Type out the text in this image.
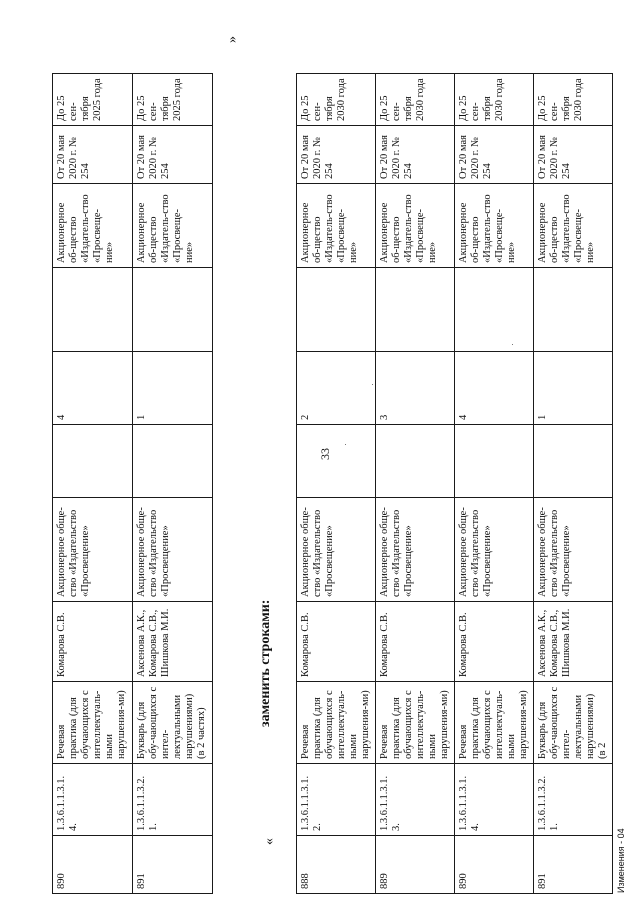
33
890	1.3.6.1.1.3.1. 4.	Речевая практика (для обучающихся с интеллектуаль-ными нарушения-ми)	Комарова С.В.	Акционерное обще-ство «Издательство «Просвещение»		4		Акционерное об-щество «Издатель-ство «Просвеще-ние»	От 20 мая 2020 г. № 254	До 25 сен-тября 2025 года
891	1.3.6.1.1.3.2. 1.	Букварь (для обу-чающихся с интел-лектуальными нарушениями) (в 2 частях)	Аксенова А.К., Комарова С.В., Шишкова М.И.	Акционерное обще-ство «Издательство «Просвещение»		1		Акционерное об-щество «Издатель-ство «Просвеще-ние»	От 20 мая 2020 г. № 254	До 25 сен-тября 2025 года
«
заменить строками:
»
888	1.3.6.1.1.3.1. 2.	Речевая практика (для обучающихся с интеллектуаль-ными нарушения-ми)	Комарова С.В.	Акционерное обще-ство «Издательство «Просвещение»		2		Акционерное об-щество «Издатель-ство «Просвеще-ние»	От 20 мая 2020 г. № 254	До 25 сен-тября 2030 года
889	1.3.6.1.1.3.1. 3.	Речевая практика (для обучающихся с интеллектуаль-ными нарушения-ми)	Комарова С.В.	Акционерное обще-ство «Издательство «Просвещение»		3		Акционерное об-щество «Издатель-ство «Просвеще-ние»	От 20 мая 2020 г. № 254	До 25 сен-тября 2030 года
890	1.3.6.1.1.3.1. 4.	Речевая практика (для обучающихся с интеллектуаль-ными нарушения-ми)	Комарова С.В.	Акционерное обще-ство «Издательство «Просвещение»		4		Акционерное об-щество «Издатель-ство «Просвеще-ние»	От 20 мая 2020 г. № 254	До 25 сен-тября 2030 года
891	1.3.6.1.1.3.2. 1.	Букварь (для обу-чающихся с интел-лектуальными нарушениями) (в 2	Аксенова А.К., Комарова С.В., Шишкова М.И.	Акционерное обще-ство «Издательство «Просвещение»		1		Акционерное об-щество «Издатель-ство «Просвеще-ние»	От 20 мая 2020 г. № 254	До 25 сен-тября 2030 года
Изменения - 04
